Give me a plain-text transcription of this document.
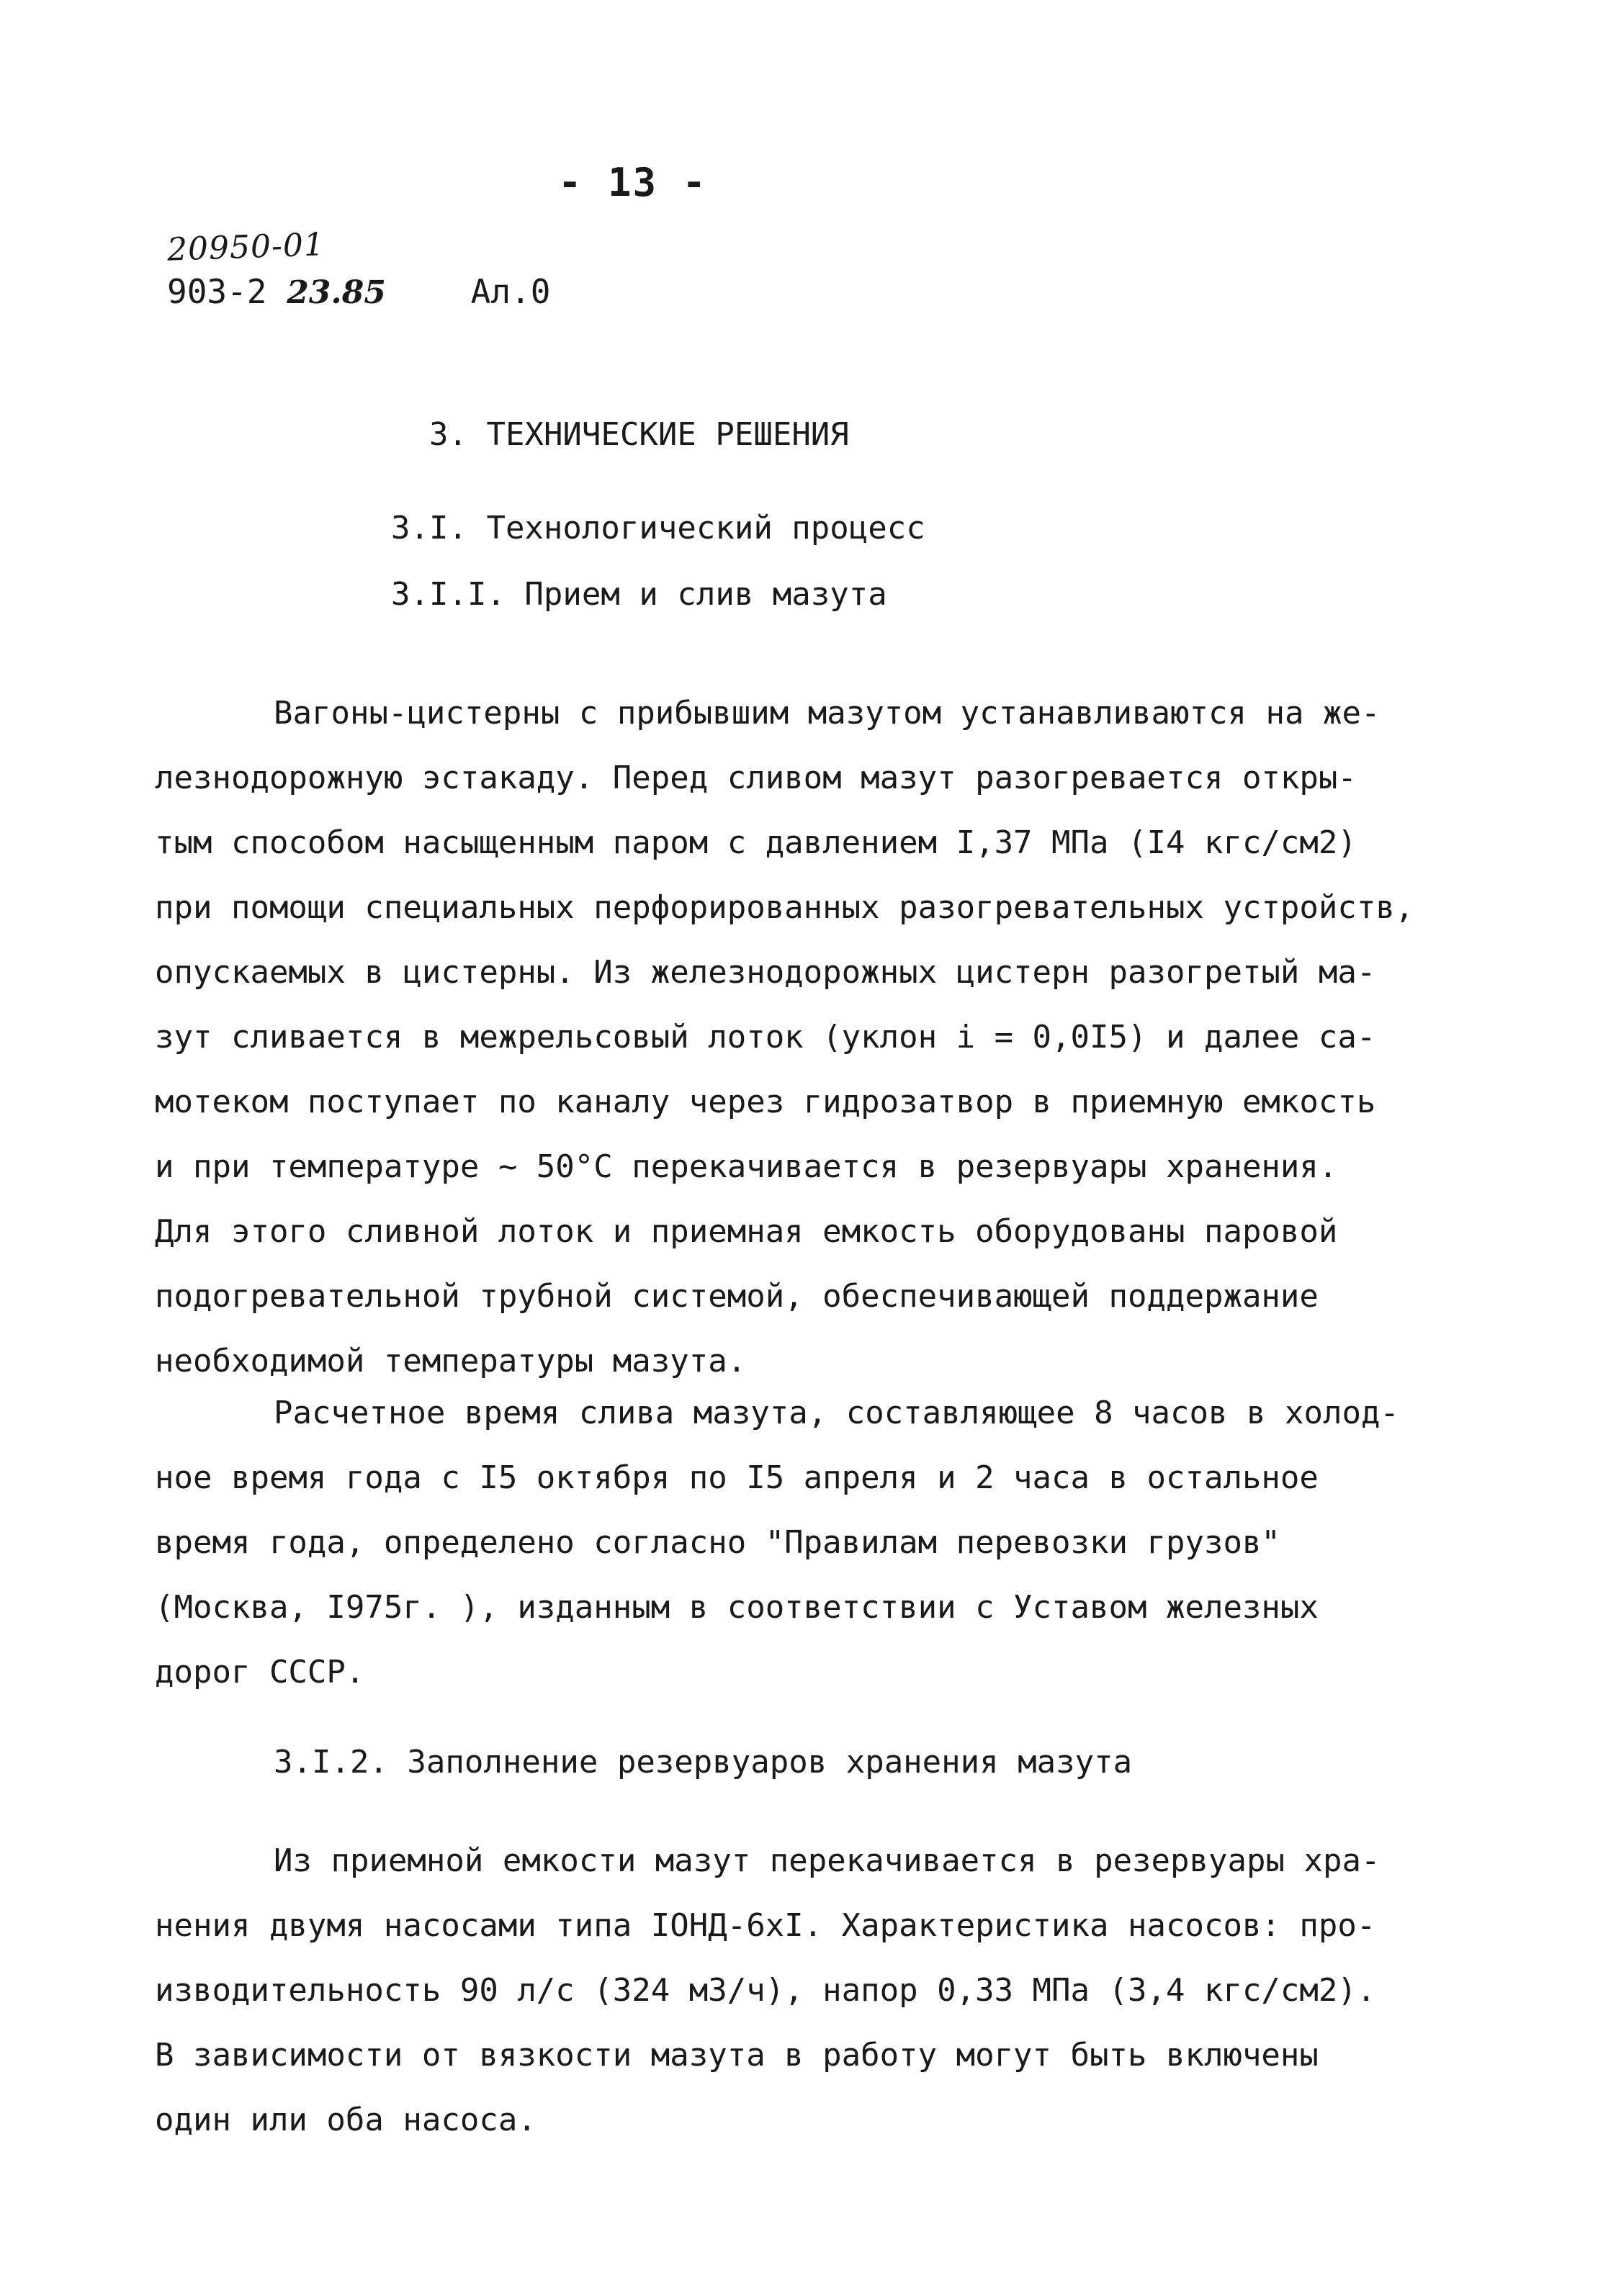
- 13 -
20950-01
903-2 23.85	Ал.0
3. ТЕХНИЧЕСКИЕ РЕШЕНИЯ
3.I. Технологический процесс
3.I.I. Прием и слив мазута
Вагоны-цистерны с прибывшим мазутом устанавливаются на же-
лезнодорожную эстакаду. Перед сливом мазут разогревается откры-
тым способом насыщенным паром с давлением I,37 МПа (I4 кгс/см2)
при помощи специальных перфорированных разогревательных устройств,
опускаемых в цистерны. Из железнодорожных цистерн разогретый ма-
зут сливается в межрельсовый лоток (уклон i = 0,0I5) и далее са-
мотеком поступает по каналу через гидрозатвор в приемную емкость
и при температуре ~ 50°С перекачивается в резервуары хранения.
Для этого сливной лоток и приемная емкость оборудованы паровой
подогревательной трубной системой, обеспечивающей поддержание
необходимой температуры мазута.
Расчетное время слива мазута, составляющее 8 часов в холод-
ное время года с I5 октября по I5 апреля и 2 часа в остальное
время года, определено согласно "Правилам перевозки грузов"
(Москва, I975г. ), изданным в соответствии с Уставом железных
дорог СССР.
3.I.2. Заполнение резервуаров хранения мазута
Из приемной емкости мазут перекачивается в резервуары хра-
нения двумя насосами типа IОНД-6хI. Характеристика насосов: про-
изводительность 90 л/с (324 м3/ч), напор 0,33 МПа (3,4 кгс/см2).
В зависимости от вязкости мазута в работу могут быть включены
один или оба насоса.
